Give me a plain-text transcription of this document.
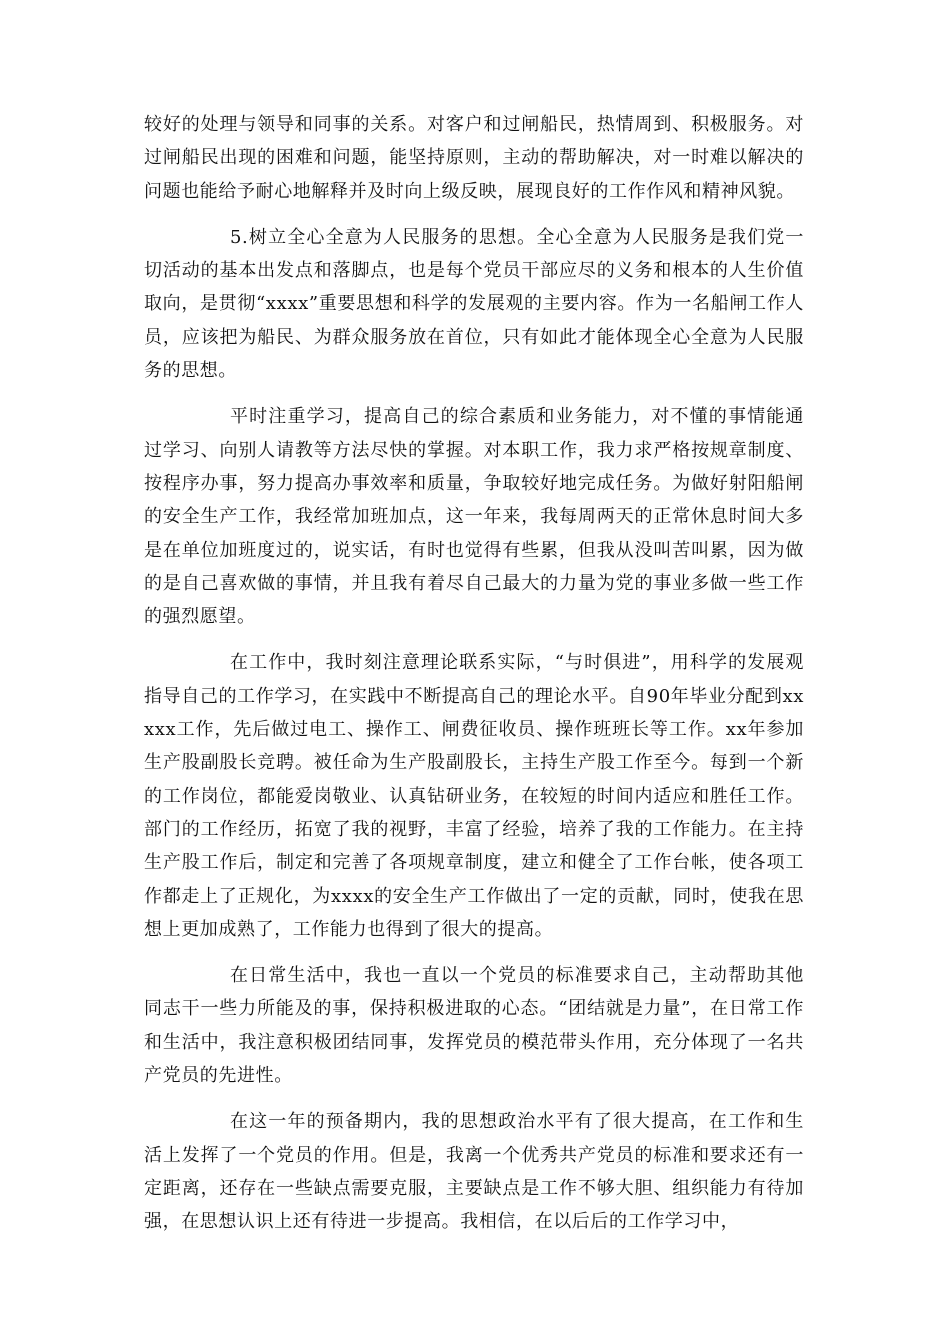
较好的处理与领导和同事的关系。对客户和过闸船民，热情周到、积极服务。对过闸船民出现的困难和问题，能坚持原则，主动的帮助解决，对一时难以解决的问题也能给予耐心地解释并及时向上级反映，展现良好的工作作风和精神风貌。

5.树立全心全意为人民服务的思想。全心全意为人民服务是我们党一切活动的基本出发点和落脚点，也是每个党员干部应尽的义务和根本的人生价值取向，是贯彻“xxxx”重要思想和科学的发展观的主要内容。作为一名船闸工作人员，应该把为船民、为群众服务放在首位，只有如此才能体现全心全意为人民服务的思想。

平时注重学习，提高自己的综合素质和业务能力，对不懂的事情能通过学习、向别人请教等方法尽快的掌握。对本职工作，我力求严格按规章制度、按程序办事，努力提高办事效率和质量，争取较好地完成任务。为做好射阳船闸的安全生产工作，我经常加班加点，这一年来，我每周两天的正常休息时间大多是在单位加班度过的，说实话，有时也觉得有些累，但我从没叫苦叫累，因为做的是自己喜欢做的事情，并且我有着尽自己最大的力量为党的事业多做一些工作的强烈愿望。

在工作中，我时刻注意理论联系实际，“与时俱进”，用科学的发展观指导自己的工作学习，在实践中不断提高自己的理论水平。自90年毕业分配到xxxxx工作，先后做过电工、操作工、闸费征收员、操作班班长等工作。xx年参加生产股副股长竞聘。被任命为生产股副股长，主持生产股工作至今。每到一个新的工作岗位，都能爱岗敬业、认真钻研业务，在较短的时间内适应和胜任工作。部门的工作经历，拓宽了我的视野，丰富了经验，培养了我的工作能力。在主持生产股工作后，制定和完善了各项规章制度，建立和健全了工作台帐，使各项工作都走上了正规化，为xxxx的安全生产工作做出了一定的贡献，同时，使我在思想上更加成熟了，工作能力也得到了很大的提高。

在日常生活中，我也一直以一个党员的标准要求自己，主动帮助其他同志干一些力所能及的事，保持积极进取的心态。“团结就是力量”，在日常工作和生活中，我注意积极团结同事，发挥党员的模范带头作用，充分体现了一名共产党员的先进性。

在这一年的预备期内，我的思想政治水平有了很大提高，在工作和生活上发挥了一个党员的作用。但是，我离一个优秀共产党员的标准和要求还有一定距离，还存在一些缺点需要克服，主要缺点是工作不够大胆、组织能力有待加强，在思想认识上还有待进一步提高。我相信，在以后后的工作学习中，
